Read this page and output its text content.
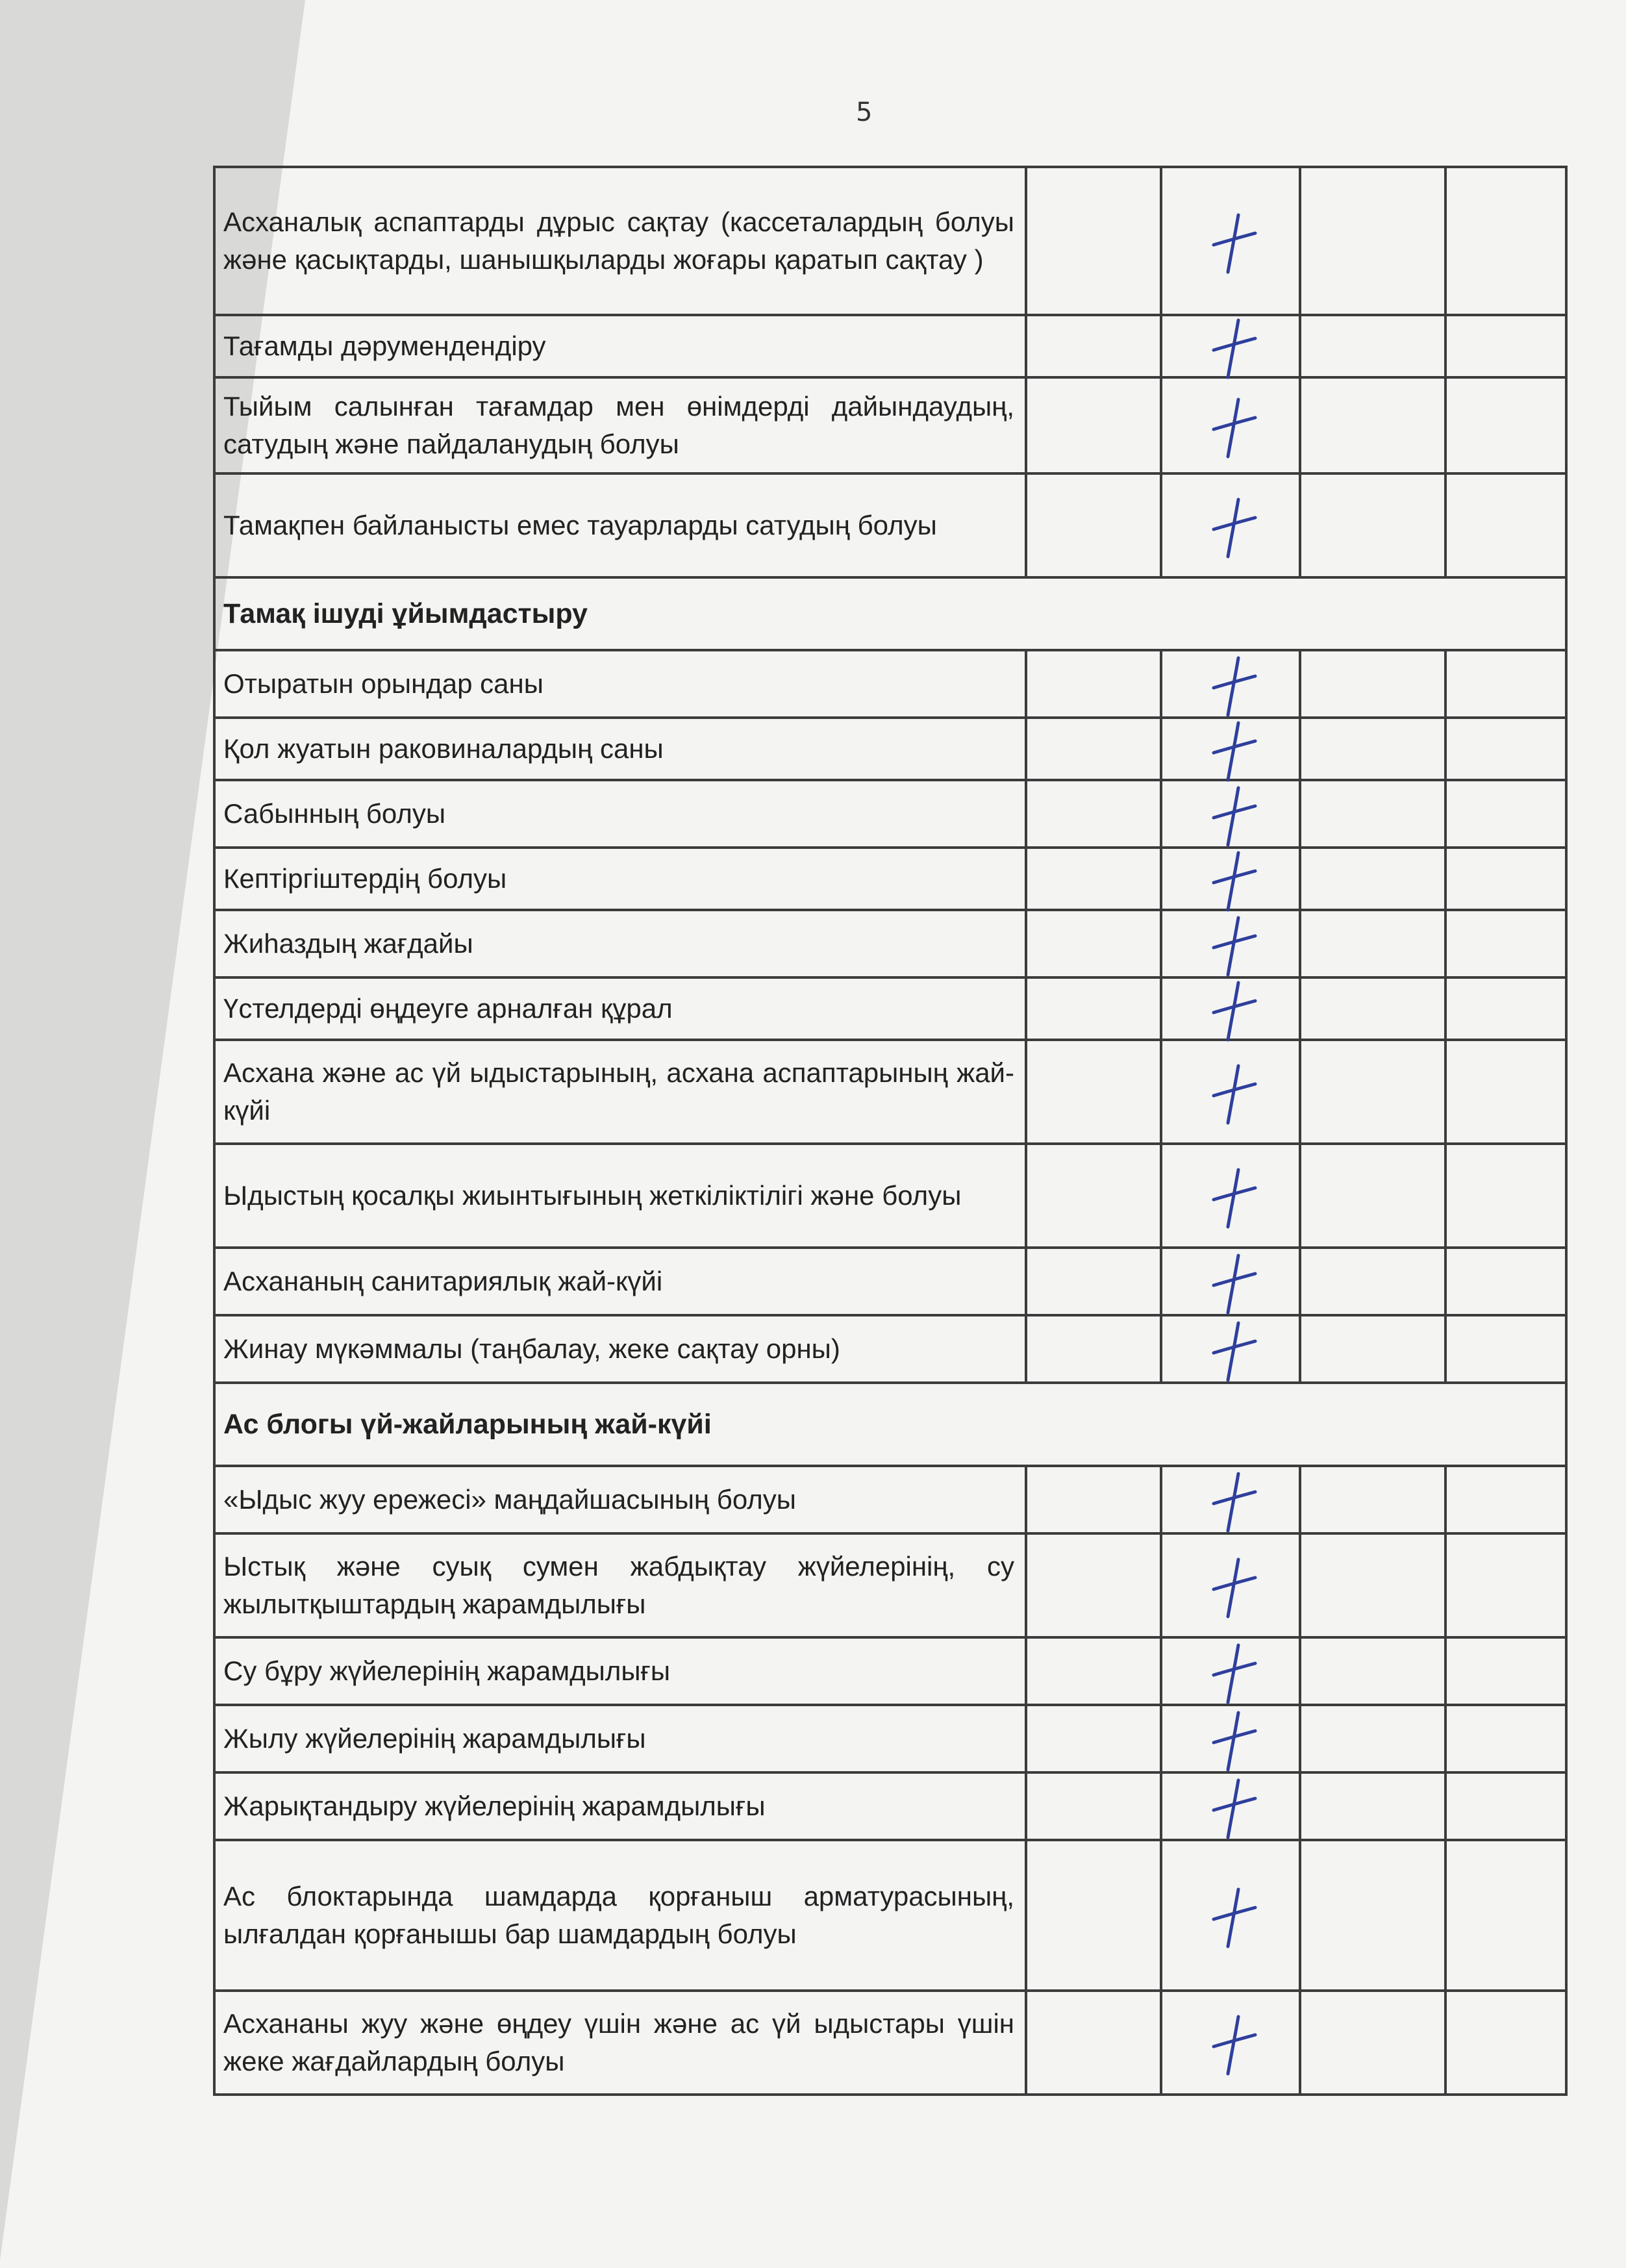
5
Асханалық аспаптарды дұрыс сақтау (кассеталардың болуы және қасықтарды, шанышқыларды жоғары қаратып сақтау )		

Тағамды дәрумендендіру		

Тыйым салынған тағамдар мен өнімдерді дайындаудың, сатудың және пайдаланудың болуы		

Тамақпен байланысты емес тауарларды сатудың болуы		

Тамақ ішуді ұйымдастыру				
Отыратын орындар саны		

Қол жуатын раковиналардың саны		

Сабынның болуы		

Кептіргіштердің болуы		

Жиһаздың жағдайы		

Үстелдерді өңдеуге арналған құрал		

Асхана және ас үй ыдыстарының, асхана аспаптарының жай-күйі		

Ыдыстың қосалқы жиынтығының жеткіліктілігі және болуы		

Асхананың санитариялық жай-күйі		

Жинау мүкәммалы (таңбалау, жеке сақтау орны)		

Ас блогы үй-жайларының жай-күйі				
«Ыдыс жуу ережесі» маңдайшасының болуы		

Ыстық және суық сумен жабдықтау жүйелерінің, су жылытқыштардың жарамдылығы		

Су бұру жүйелерінің жарамдылығы		

Жылу жүйелерінің жарамдылығы		

Жарықтандыру жүйелерінің жарамдылығы		

Ас блоктарында шамдарда қорғаныш арматурасының, ылғалдан қорғанышы бар шамдардың болуы		

Асхананы жуу және өңдеу үшін және ас үй ыдыстары үшін жеке жағдайлардың болуы		
